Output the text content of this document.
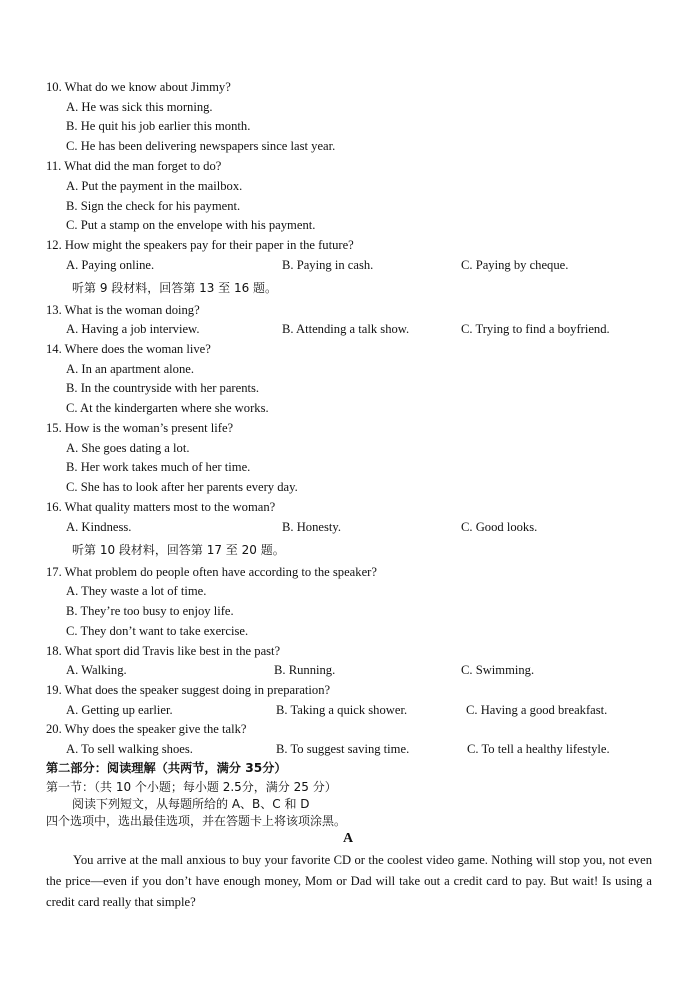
10. What do we know about Jimmy?
A. He was sick this morning.
B. He quit his job earlier this month.
C. He has been delivering newspapers since last year.
11. What did the man forget to do?
A. Put the payment in the mailbox.
B. Sign the check for his payment.
C. Put a stamp on the envelope with his payment.
12. How might the speakers pay for their paper in the future?
A. Paying online.	B. Paying in cash.	C. Paying by cheque.
听第 9 段材料，回答第 13 至 16 题。
13. What is the woman doing?
A. Having a job interview.	B. Attending a talk show.	C. Trying to find a boyfriend.
14. Where does the woman live?
A. In an apartment alone.
B. In the countryside with her parents.
C. At the kindergarten where she works.
15. How is the woman’s present life?
A. She goes dating a lot.
B. Her work takes much of her time.
C. She has to look after her parents every day.
16. What quality matters most to the woman?
A. Kindness.	B. Honesty.	C. Good looks.
听第 10 段材料，回答第 17 至 20 题。
17. What problem do people often have according to the speaker?
A. They waste a lot of time.
B. They’re too busy to enjoy life.
C. They don’t want to take exercise.
18. What sport did Travis like best in the past?
A. Walking.	B. Running.	C. Swimming.
19. What does the speaker suggest doing in preparation?
A. Getting up earlier.	B. Taking a quick shower.	C. Having a good breakfast.
20. Why does the speaker give the talk?
A. To sell walking shoes.	B. To suggest saving time.	C. To tell a healthy lifestyle.
第二部分：阅读理解（共两节，满分 35分）
第一节：（共 10 个小题；每小题 2.5分，满分 25 分）
阅读下列短文，从每题所给的 A、B、C 和 D
四个选项中，选出最佳选项，并在答题卡上将该项涂黑。
A
You arrive at the mall anxious to buy your favorite CD or the coolest video game. Nothing will stop you, not even the price—even if you don’t have enough money, Mom or Dad will take out a credit card to pay. But wait! Is using a credit card really that simple?
